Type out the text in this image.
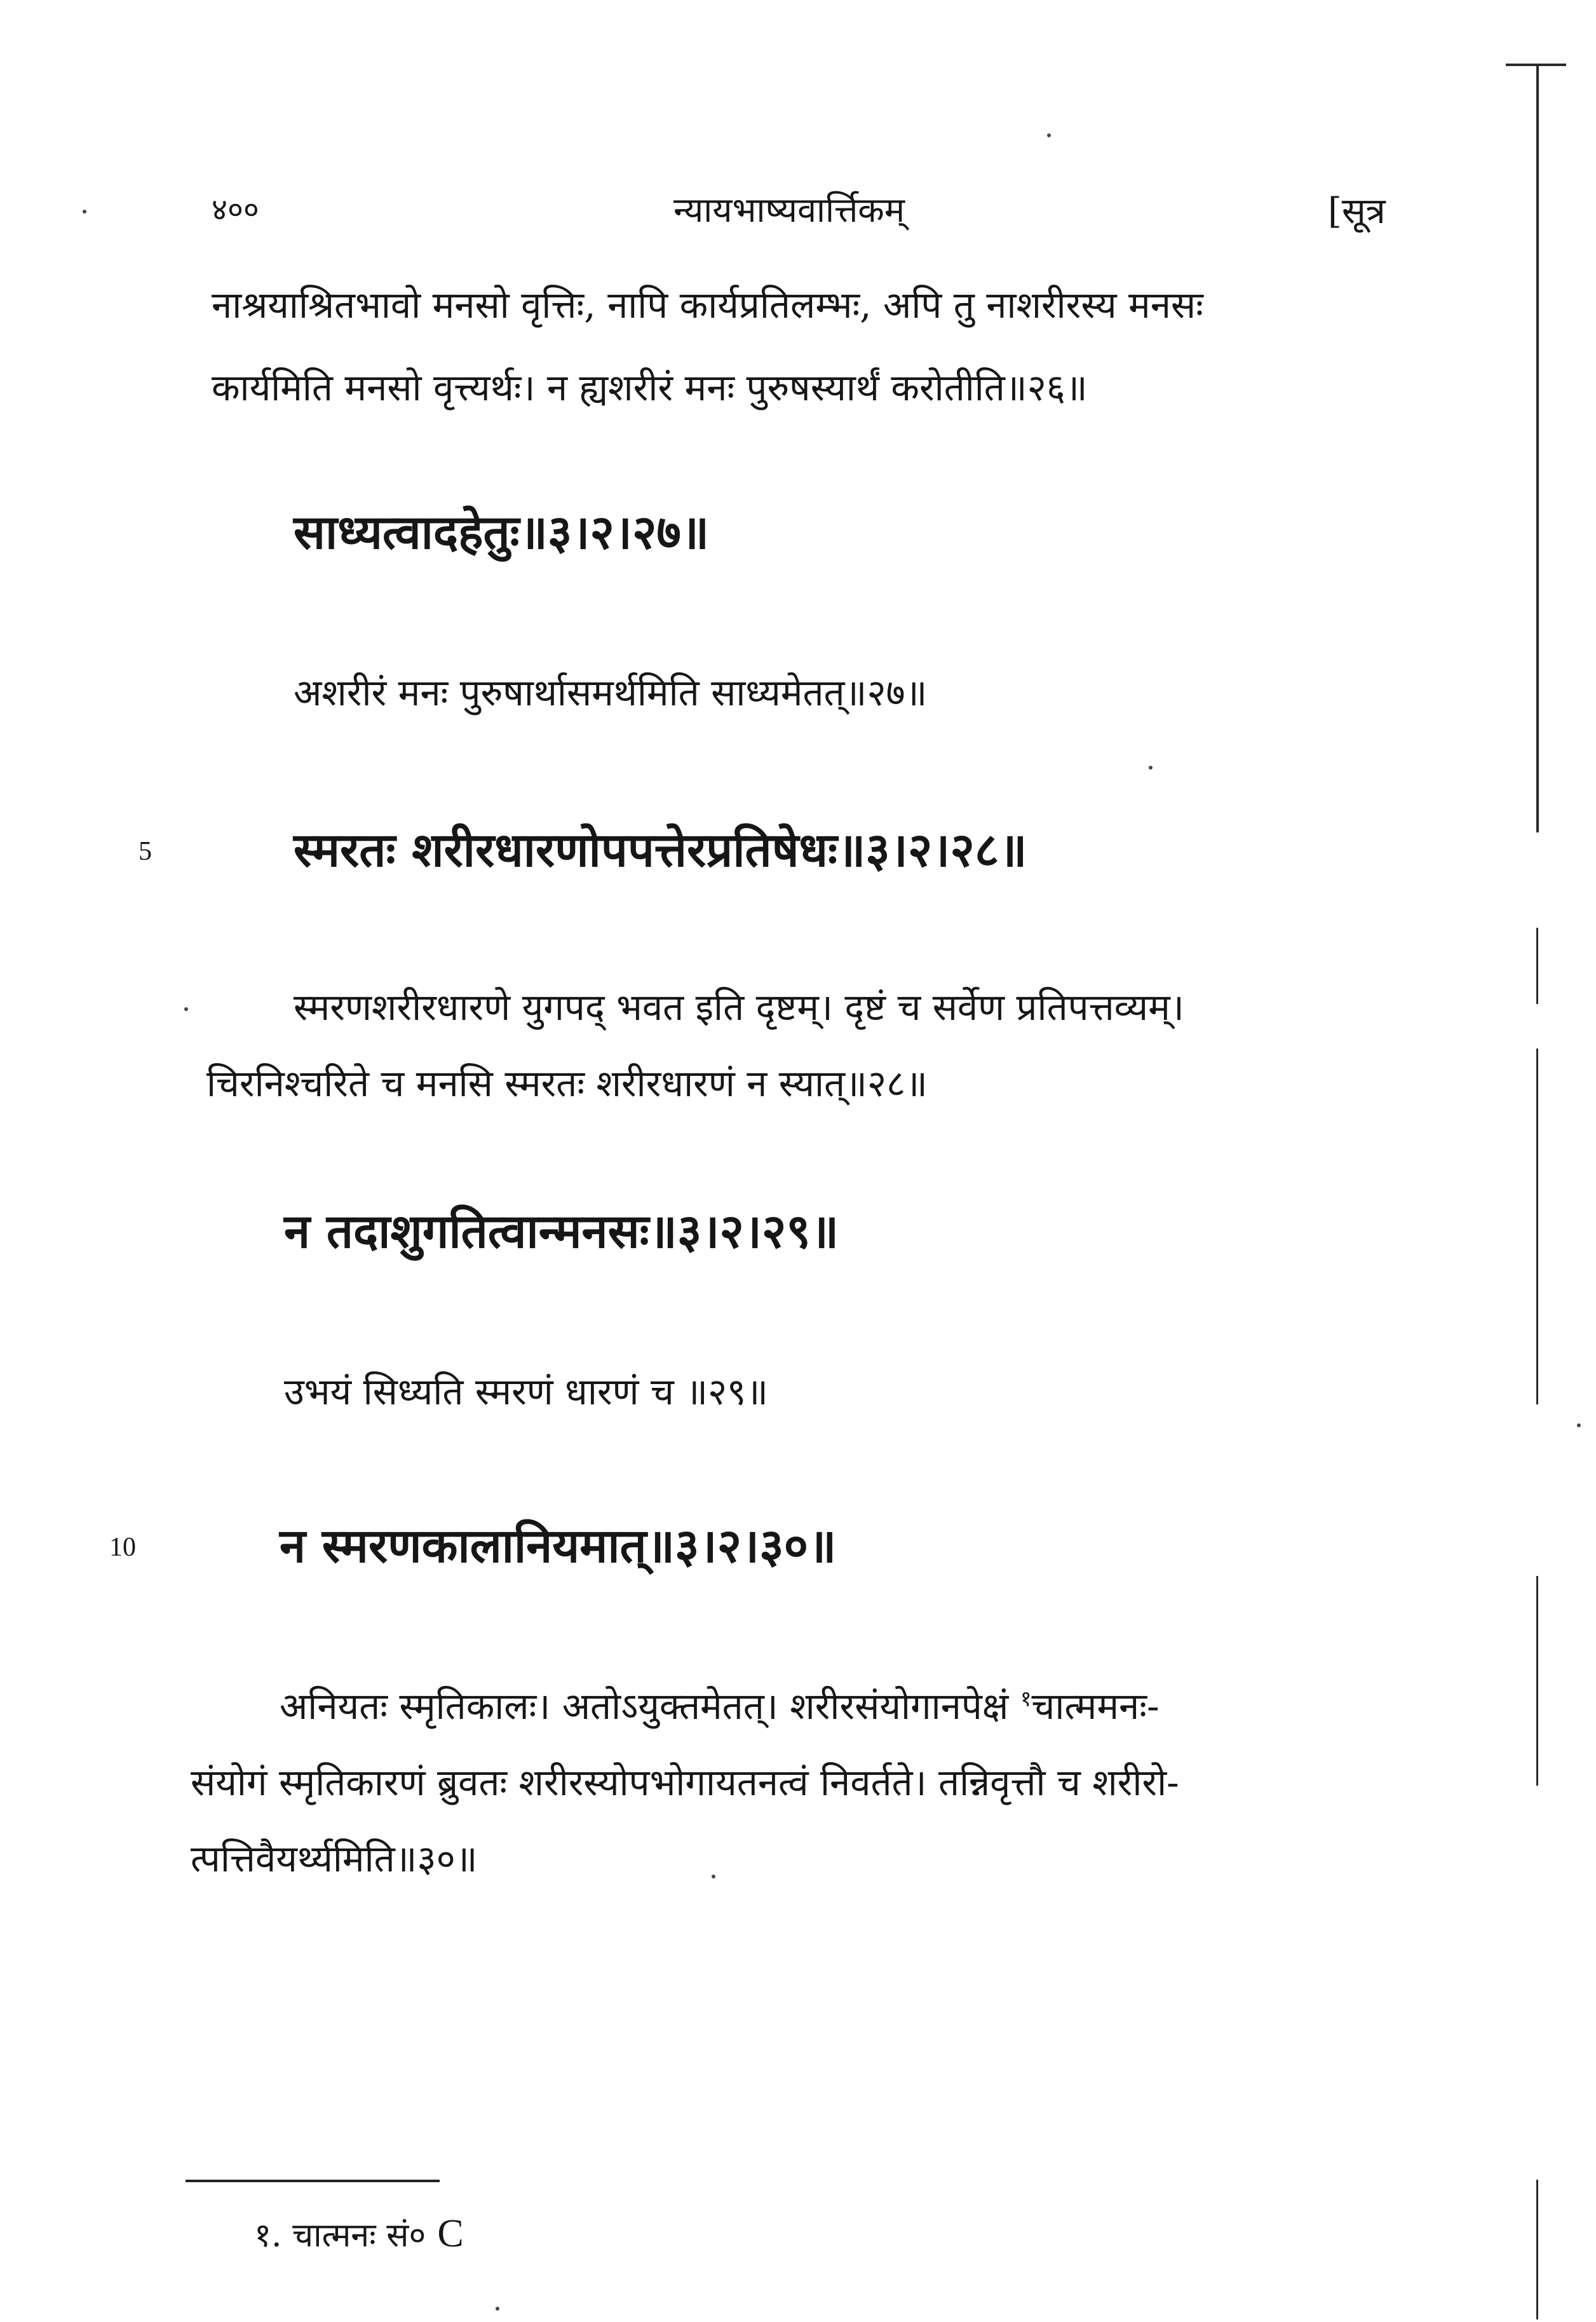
४००	न्यायभाष्यवार्त्तिकम्	[सूत्र
नाश्रयाश्रितभावो मनसो वृत्तिः, नापि कार्यप्रतिलम्भः, अपि तु नाशरीरस्य मनसः
कार्यमिति मनसो वृत्त्यर्थः। न ह्यशरीरं मनः पुरुषस्यार्थं करोतीति॥२६॥
साध्यत्वादहेतुः॥३।२।२७॥
अशरीरं मनः पुरुषार्थासमर्थमिति साध्यमेतत्॥२७॥
5	स्मरतः शरीरधारणोपपत्तेरप्रतिषेधः॥३।२।२८॥
स्मरणशरीरधारणे युगपद् भवत इति दृष्टम्। दृष्टं च सर्वेण प्रतिपत्तव्यम्।
चिरनिश्चरिते च मनसि स्मरतः शरीरधारणं न स्यात्॥२८॥
न तदाशुगतित्वान्मनसः॥३।२।२९॥
उभयं सिध्यति स्मरणं धारणं च ॥२९॥
10	न स्मरणकालानियमात्॥३।२।३०॥
अनियतः स्मृतिकालः। अतोऽयुक्तमेतत्। शरीरसंयोगानपेक्षं $^१$चात्ममनः-
संयोगं स्मृतिकारणं ब्रुवतः शरीरस्योपभोगायतनत्वं निवर्तते। तन्निवृत्तौ च शरीरो-
त्पत्तिवैयर्थ्यमिति॥३०॥
१. चात्मनः सं० C
